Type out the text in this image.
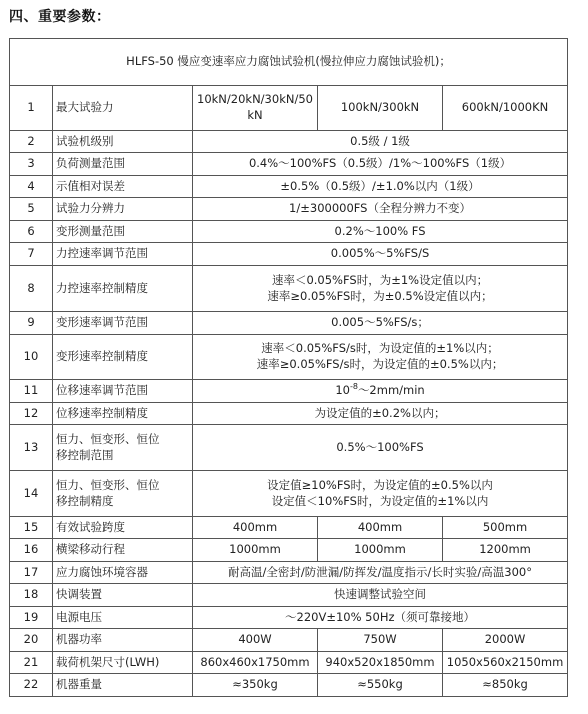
四、重要参数：
HLFS-50 慢应变速率应力腐蚀试验机(慢拉伸应力腐蚀试验机)；				
1	最大试验力	10kN/20kN/30kN/50kN	100kN/300kN	600kN/1000KN
2	试验机级别	0.5级 / 1级		
3	负荷测量范围	0.4%～100%FS（0.5级）/1%～100%FS（1级）		
4	示值相对误差	±0.5%（0.5级）/±1.0%以内（1级）		
5	试验力分辨力	1/±300000FS（全程分辨力不变）		
6	变形测量范围	0.2%～100% FS		
7	力控速率调节范围	0.005%～5%FS/S		
8	力控速率控制精度	速率＜0.05%FS时，为±1%设定值以内；
速率≥0.05%FS时，为±0.5%设定值以内；		

9	变形速率调节范围	0.005～5%FS/s；		
10	变形速率控制精度	速率＜0.05%FS/s时，为设定值的±1%以内；
速率≥0.05%FS/s时，为设定值的±0.5%以内；		

11	位移速率调节范围	$10^{-8}\sim 2mm/\min$		
12	位移速率控制精度	为设定值的±0.2%以内；		
13	恒力、恒变形、恒位
移控制范围	0.5%～100%FS		
14	恒力、恒变形、恒位
移控制精度	设定值≥10%FS时，为设定值的±0.5%以内
设定值＜10%FS时，为设定值的±1%以内		

15	有效试验跨度	400mm	400mm	500mm
16	横梁移动行程	1000mm	1000mm	1200mm
17	应力腐蚀环境容器	耐高温/全密封/防泄漏/防挥发/温度指示/长时实验/高温300°		
18	快调装置	快速调整试验空间		
19	电源电压	～220V±10% 50Hz（须可靠接地）		
20	机器功率	400W	750W	2000W
21	载荷机架尺寸(LWH)	860x460x1750mm	940x520x1850mm	1050x560x2150mm
22	机器重量	≈350kg	≈550kg	≈850kg
